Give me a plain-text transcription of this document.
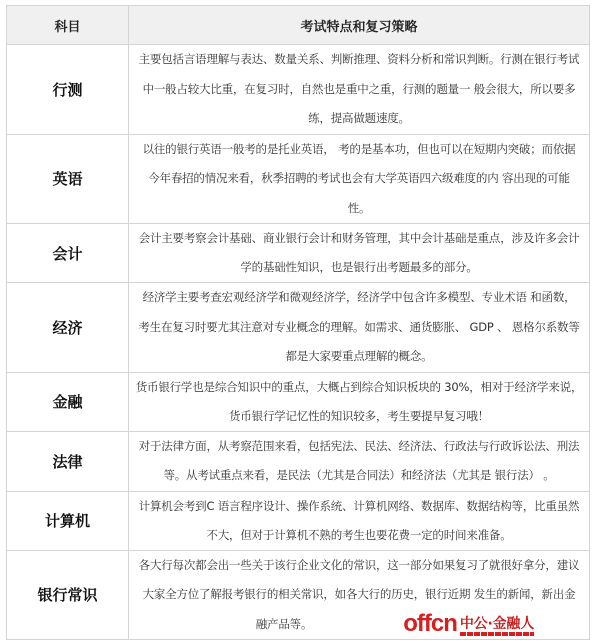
科目	考试特点和复习策略
行测	主要包括言语理解与表达、数量关系、判断推理、资料分析和常识判断。行测在银行考试
中一般占较大比重，在复习时，自然也是重中之重，行测的题量一 般会很大，所以要多
练，提高做题速度。

英语	以往的银行英语一般考的是托业英语， 考的是基本功，但也可以在短期内突破；而依据
今年春招的情况来看，秋季招聘的考试也会有大学英语四六级难度的内 容出现的可能
性。

会计	会计主要考察会计基础、商业银行会计和财务管理，其中会计基础是重点，涉及许多会计
学的基础性知识，也是银行出考题最多的部分。

经济	经济学主要考查宏观经济学和微观经济学，经济学中包含许多模型、专业术语 和函数，
考生在复习时要尤其注意对专业概念的理解。如需求、通货膨胀、 GDP 、 恩格尔系数等
都是大家要重点理解的概念。

金融	货币银行学也是综合知识中的重点，大概占到综合知识板块的 30%，相对于经济学来说，
货币银行学记忆性的知识较多，考生要提早复习哦！

法律	对于法律方面，从考察范围来看，包括宪法、民法、经济法、行政法与行政诉讼法、刑法
等。从考试重点来看，是民法（尤其是合同法）和经济法（尤其是 银行法） 。

计算机	计算机会考到C 语言程序设计、操作系统、计算机网络、数据库、数据结构等，比重虽然
不大，但对于计算机不熟的考生也要花费一定的时间来准备。

银行常识	各大行每次都会出一些关于该行企业文化的常识，这一部分如果复习了就很好拿分，建议
大家全方位了解报考银行的相关常识，如各大行的历史，银行近期 发生的新闻，新出金
融产品等。 offcn 中公·金融人
